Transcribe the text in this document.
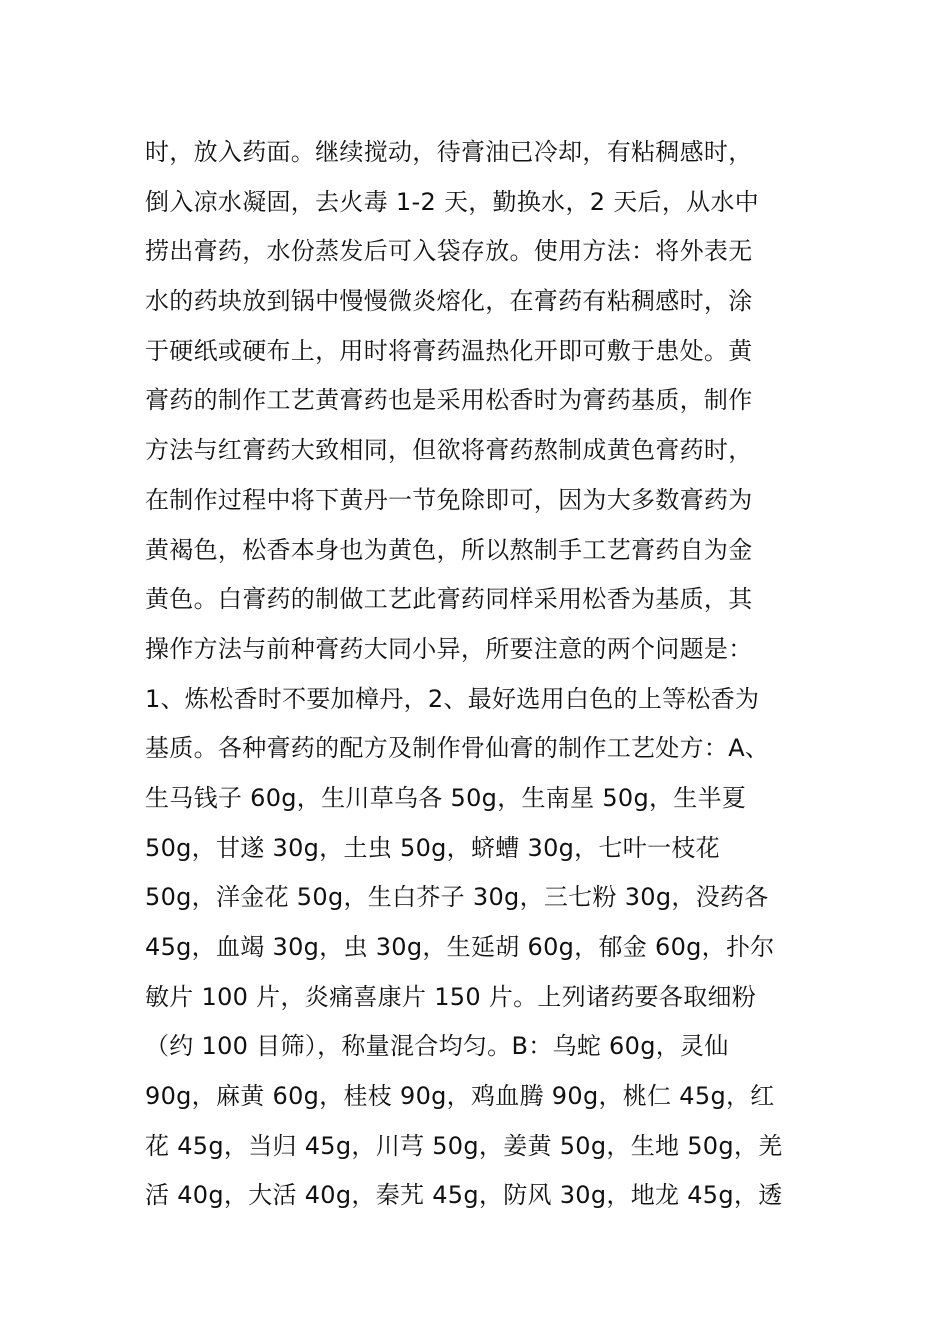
时，放入药面。继续搅动，待膏油已冷却，有粘稠感时，
倒入凉水凝固，去火毒 1-2 天，勤换水，2 天后，从水中
捞出膏药，水份蒸发后可入袋存放。使用方法：将外表无
水的药块放到锅中慢慢微炎熔化，在膏药有粘稠感时，涂
于硬纸或硬布上，用时将膏药温热化开即可敷于患处。黄
膏药的制作工艺黄膏药也是采用松香时为膏药基质，制作
方法与红膏药大致相同，但欲将膏药熬制成黄色膏药时，
在制作过程中将下黄丹一节免除即可，因为大多数膏药为
黄褐色，松香本身也为黄色，所以熬制手工艺膏药自为金
黄色。白膏药的制做工艺此膏药同样采用松香为基质，其
操作方法与前种膏药大同小异，所要注意的两个问题是：
1、炼松香时不要加樟丹，2、最好选用白色的上等松香为
基质。各种膏药的配方及制作骨仙膏的制作工艺处方：A、
生马钱子 60g，生川草乌各 50g，生南星 50g，生半夏
50g，甘遂 30g，土虫 50g，蛴螬 30g，七叶一枝花
50g，洋金花 50g，生白芥子 30g，三七粉 30g，没药各
45g，血竭 30g，虫 30g，生延胡 60g，郁金 60g，扑尔
敏片 100 片，炎痛喜康片 150 片。上列诸药要各取细粉
（约 100 目筛），称量混合均匀。B：乌蛇 60g，灵仙
90g，麻黄 60g，桂枝 90g，鸡血腾 90g，桃仁 45g，红
花 45g，当归 45g，川芎 50g，姜黄 50g，生地 50g，羌
活 40g，大活 40g，秦艽 45g，防风 30g，地龙 45g，透
